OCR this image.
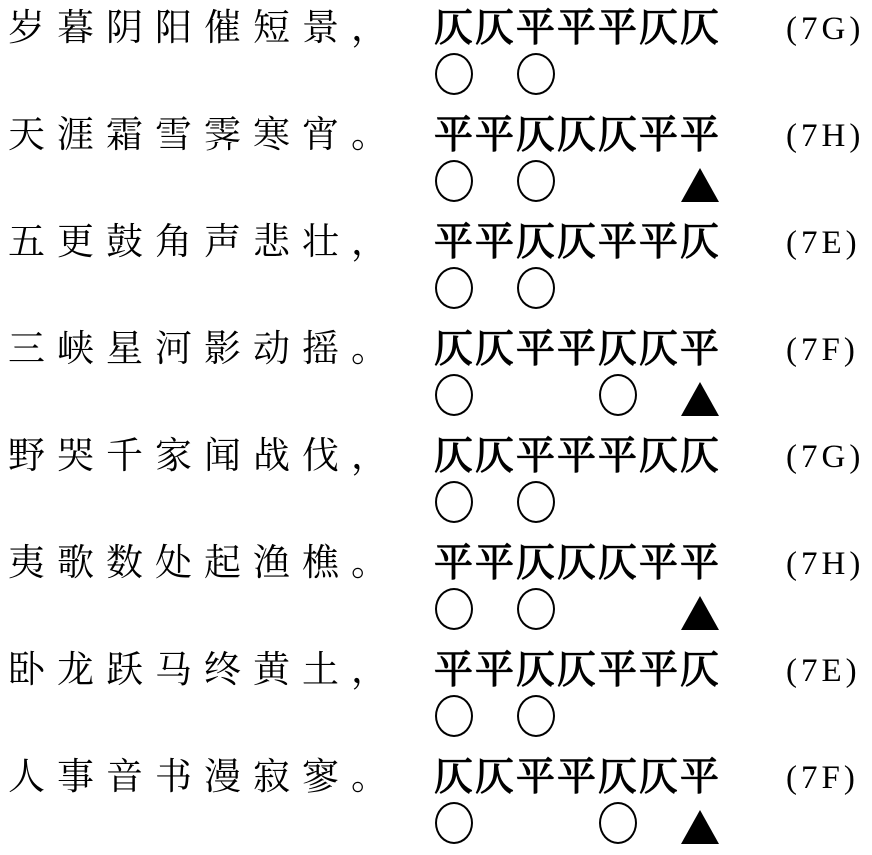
岁暮阴阳催短景， 仄 仄 平 平 平 仄 仄 (7G)
天涯霜雪霁寒宵。 平 平 仄 仄 仄 平 平 (7H)
五更鼓角声悲壮， 平 平 仄 仄 平 平 仄 (7E)
三峡星河影动摇。 仄 仄 平 平 仄 仄 平 (7F)
野哭千家闻战伐， 仄 仄 平 平 平 仄 仄 (7G)
夷歌数处起渔樵。 平 平 仄 仄 仄 平 平 (7H)
卧龙跃马终黄土， 平 平 仄 仄 平 平 仄 (7E)
人事音书漫寂寥。 仄 仄 平 平 仄 仄 平 (7F)
